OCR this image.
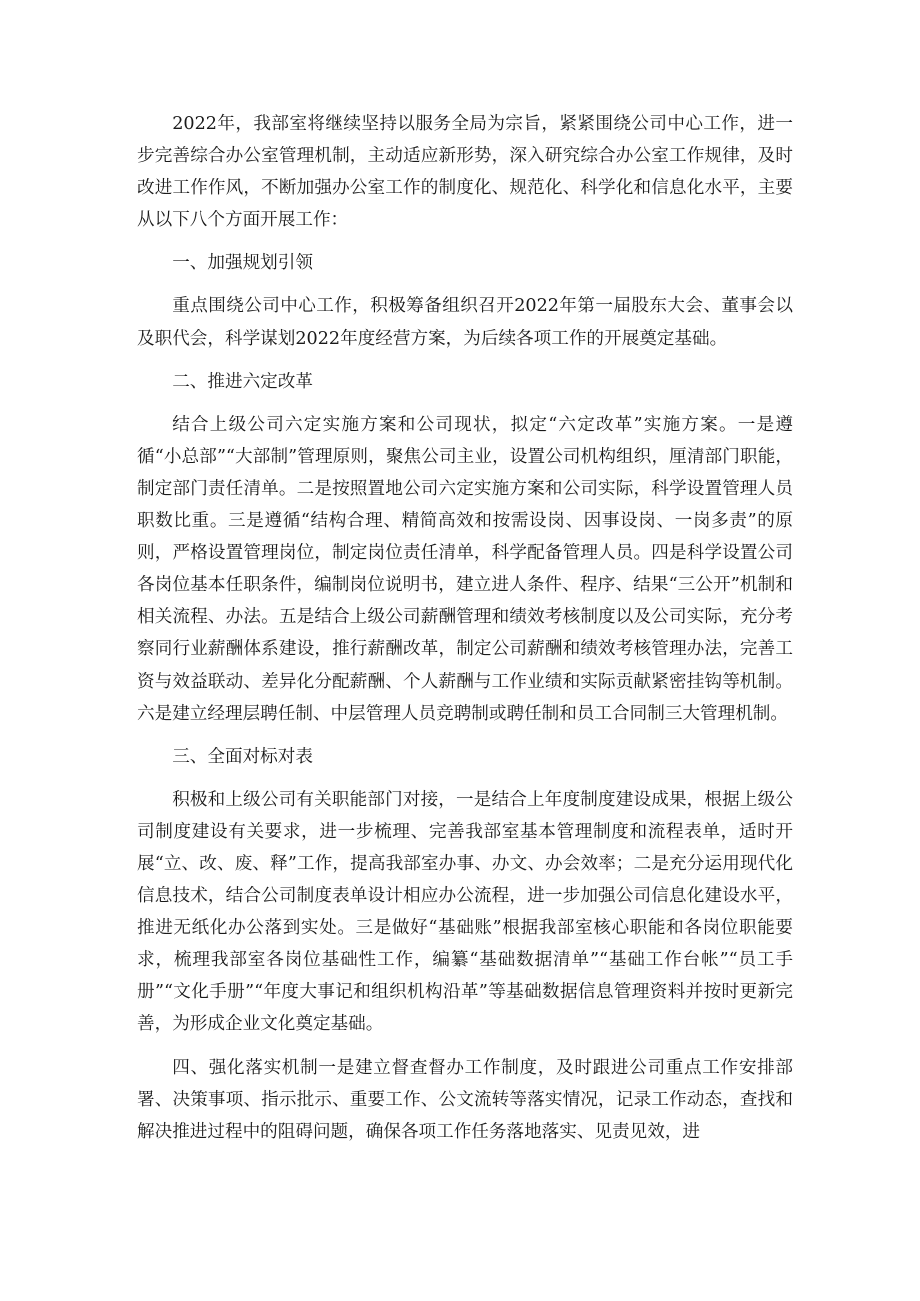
2022年，我部室将继续坚持以服务全局为宗旨，紧紧围绕公司中心工作，进一步完善综合办公室管理机制，主动适应新形势，深入研究综合办公室工作规律，及时改进工作作风，不断加强办公室工作的制度化、规范化、科学化和信息化水平，主要从以下八个方面开展工作：

一、加强规划引领

重点围绕公司中心工作，积极筹备组织召开2022年第一届股东大会、董事会以及职代会，科学谋划2022年度经营方案，为后续各项工作的开展奠定基础。

二、推进六定改革

结合上级公司六定实施方案和公司现状，拟定“六定改革”实施方案。一是遵循“小总部”“大部制”管理原则，聚焦公司主业，设置公司机构组织，厘清部门职能，制定部门责任清单。二是按照置地公司六定实施方案和公司实际，科学设置管理人员职数比重。三是遵循“结构合理、精简高效和按需设岗、因事设岗、一岗多责”的原则，严格设置管理岗位，制定岗位责任清单，科学配备管理人员。四是科学设置公司各岗位基本任职条件，编制岗位说明书，建立进人条件、程序、结果“三公开”机制和相关流程、办法。五是结合上级公司薪酬管理和绩效考核制度以及公司实际，充分考察同行业薪酬体系建设，推行薪酬改革，制定公司薪酬和绩效考核管理办法，完善工资与效益联动、差异化分配薪酬、个人薪酬与工作业绩和实际贡献紧密挂钩等机制。六是建立经理层聘任制、中层管理人员竞聘制或聘任制和员工合同制三大管理机制。

三、全面对标对表

积极和上级公司有关职能部门对接，一是结合上年度制度建设成果，根据上级公司制度建设有关要求，进一步梳理、完善我部室基本管理制度和流程表单，适时开展“立、改、废、释”工作，提高我部室办事、办文、办会效率；二是充分运用现代化信息技术，结合公司制度表单设计相应办公流程，进一步加强公司信息化建设水平，推进无纸化办公落到实处。三是做好“基础账”根据我部室核心职能和各岗位职能要求，梳理我部室各岗位基础性工作，编纂“基础数据清单”“基础工作台帐”“员工手册”“文化手册”“年度大事记和组织机构沿革”等基础数据信息管理资料并按时更新完善，为形成企业文化奠定基础。

四、强化落实机制一是建立督查督办工作制度，及时跟进公司重点工作安排部署、决策事项、指示批示、重要工作、公文流转等落实情况，记录工作动态，查找和解决推进过程中的阻碍问题，确保各项工作任务落地落实、见责见效，进
